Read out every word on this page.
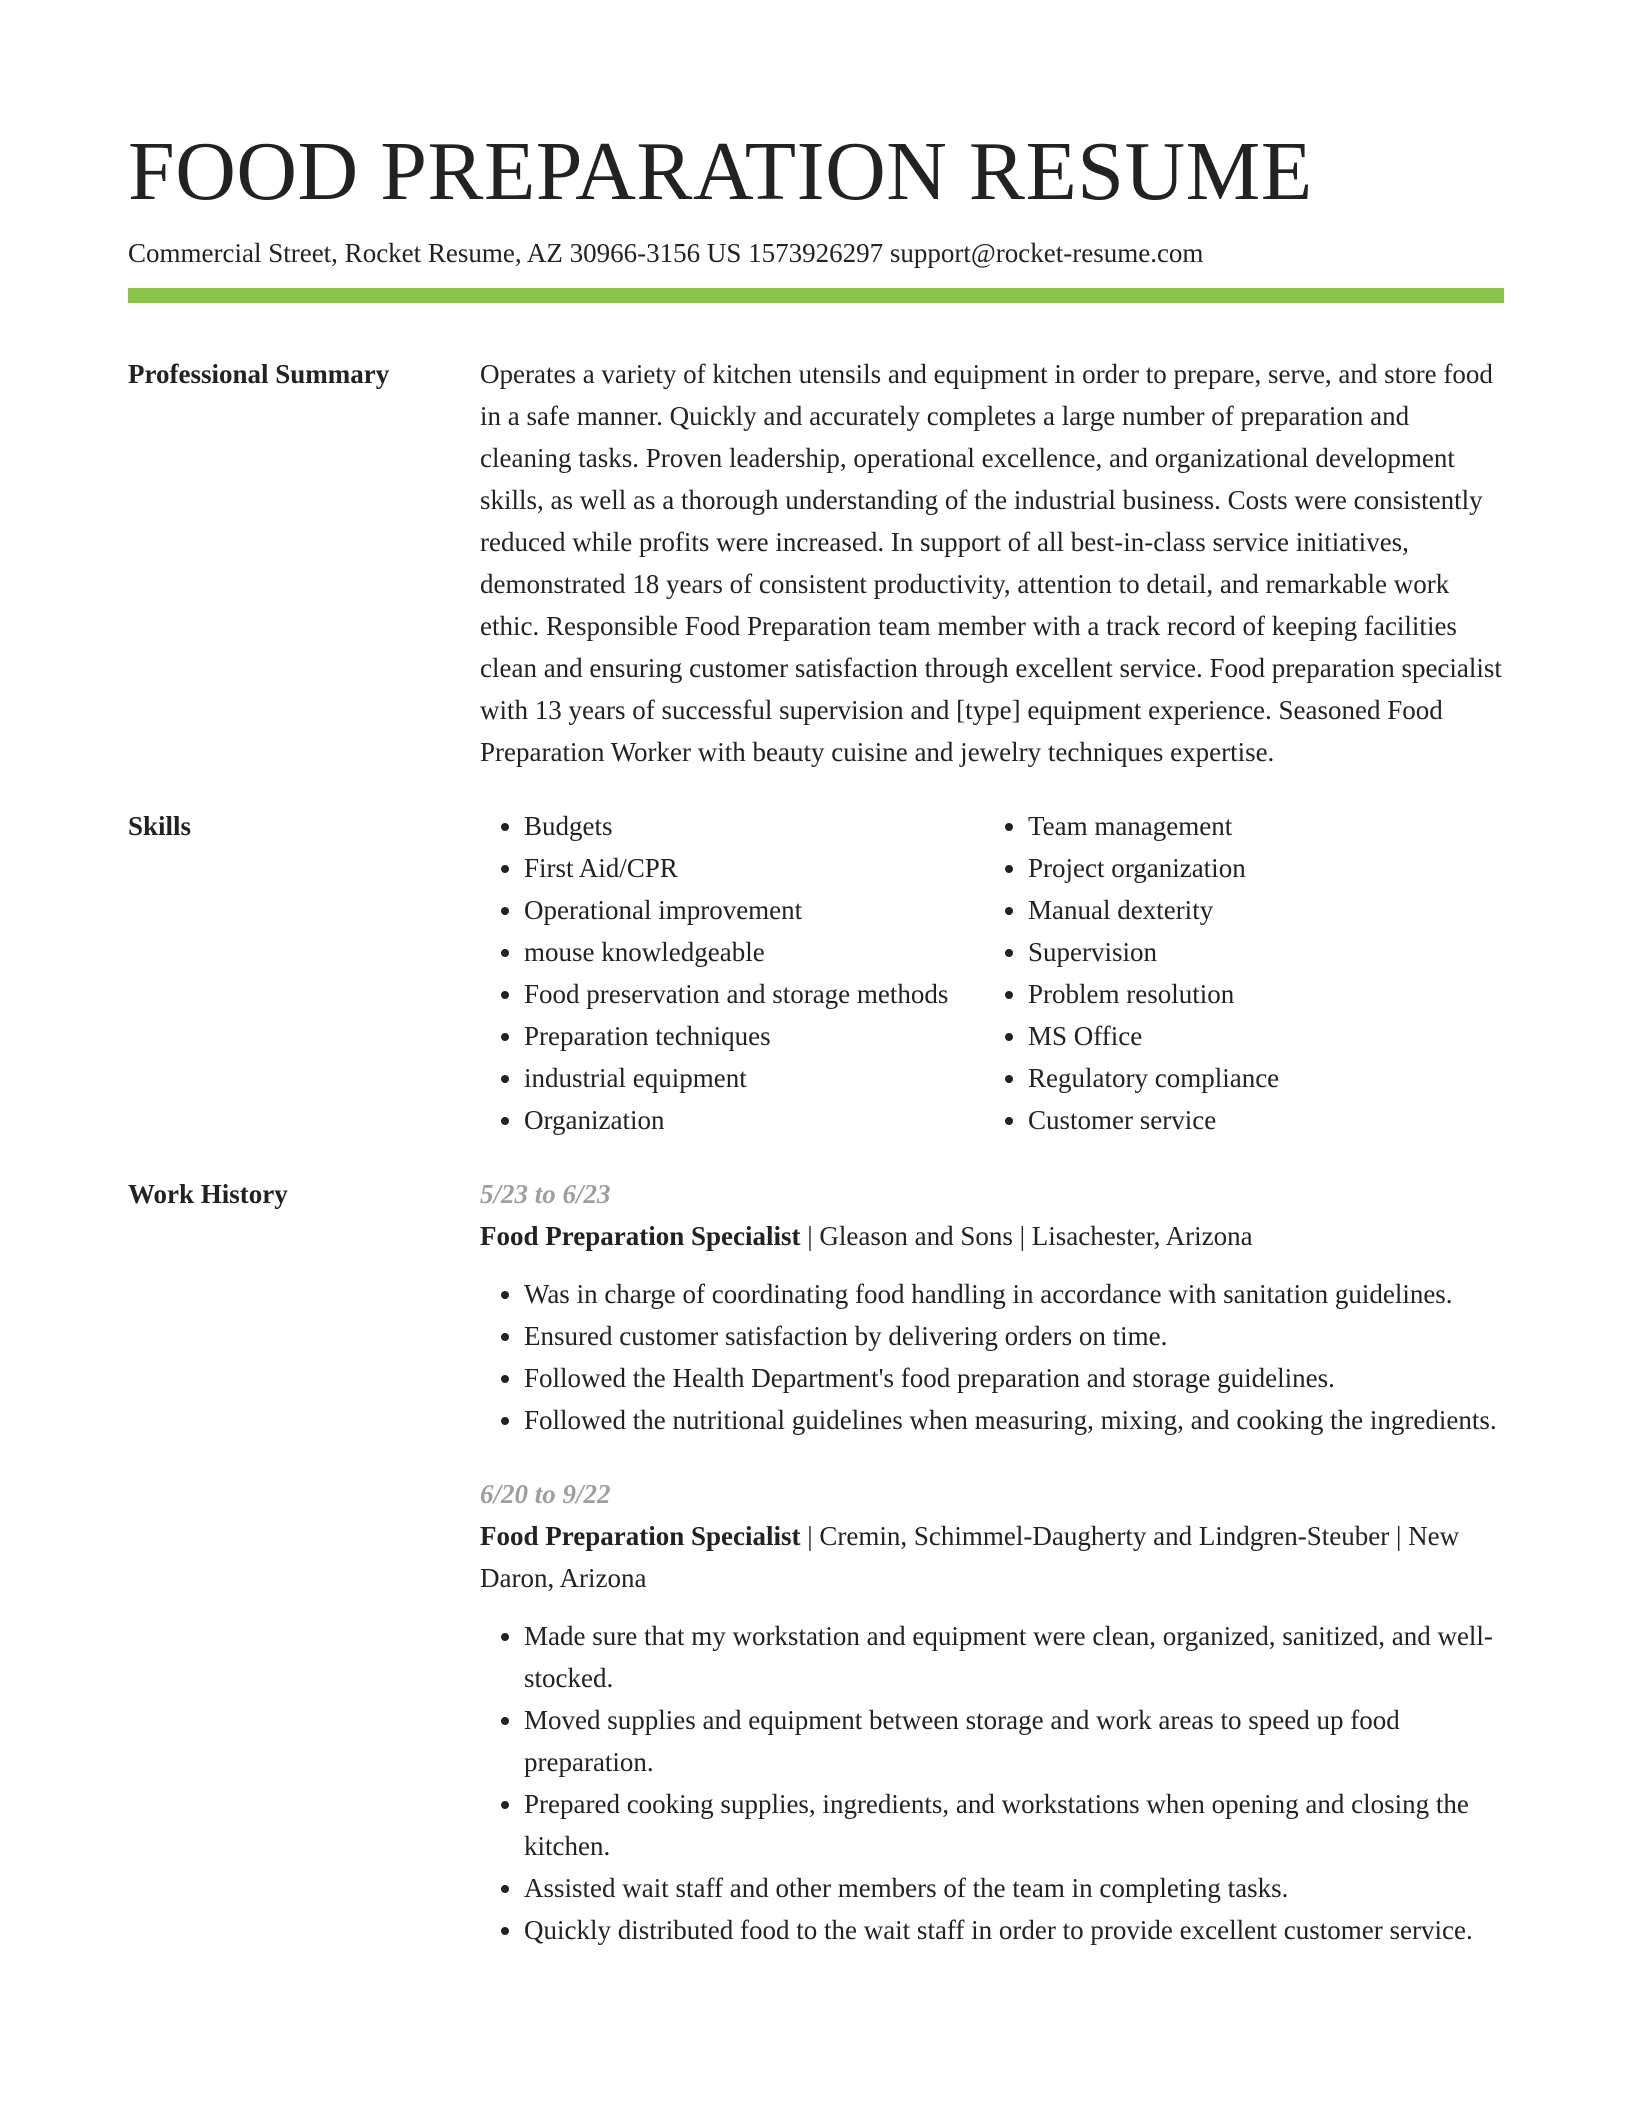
FOOD PREPARATION RESUME
Commercial Street, Rocket Resume, AZ 30966-3156 US 1573926297 support@rocket-resume.com
Professional Summary	Operates a variety of kitchen utensils and equipment in order to prepare, serve, and store food in a safe manner. Quickly and accurately completes a large number of preparation and cleaning tasks. Proven leadership, operational excellence, and organizational development skills, as well as a thorough understanding of the industrial business. Costs were consistently reduced while profits were increased. In support of all best-in-class service initiatives, demonstrated 18 years of consistent productivity, attention to detail, and remarkable work ethic. Responsible Food Preparation team member with a track record of keeping facilities clean and ensuring customer satisfaction through excellent service. Food preparation specialist with 13 years of successful supervision and [type] equipment experience. Seasoned Food Preparation Worker with beauty cuisine and jewelry techniques expertise.
Skills
•	Budgets
• First Aid/CPR
• Operational improvement
• mouse knowledgeable
• Food preservation and storage methods
• Preparation techniques
• industrial equipment
• Organization
• Team management
• Project organization
• Manual dexterity
• Supervision
• Problem resolution
• MS Office
• Regulatory compliance
• Customer service
Work History	5/23 to 6/23
Food Preparation Specialist | Gleason and Sons | Lisachester, Arizona
• Was in charge of coordinating food handling in accordance with sanitation guidelines.
• Ensured customer satisfaction by delivering orders on time.
• Followed the Health Department's food preparation and storage guidelines.
• Followed the nutritional guidelines when measuring, mixing, and cooking the ingredients.
6/20 to 9/22
Food Preparation Specialist | Cremin, Schimmel-Daugherty and Lindgren-Steuber | New Daron, Arizona
• Made sure that my workstation and equipment were clean, organized, sanitized, and well-stocked.
• Moved supplies and equipment between storage and work areas to speed up food preparation.
• Prepared cooking supplies, ingredients, and workstations when opening and closing the kitchen.
• Assisted wait staff and other members of the team in completing tasks.
• Quickly distributed food to the wait staff in order to provide excellent customer service.
